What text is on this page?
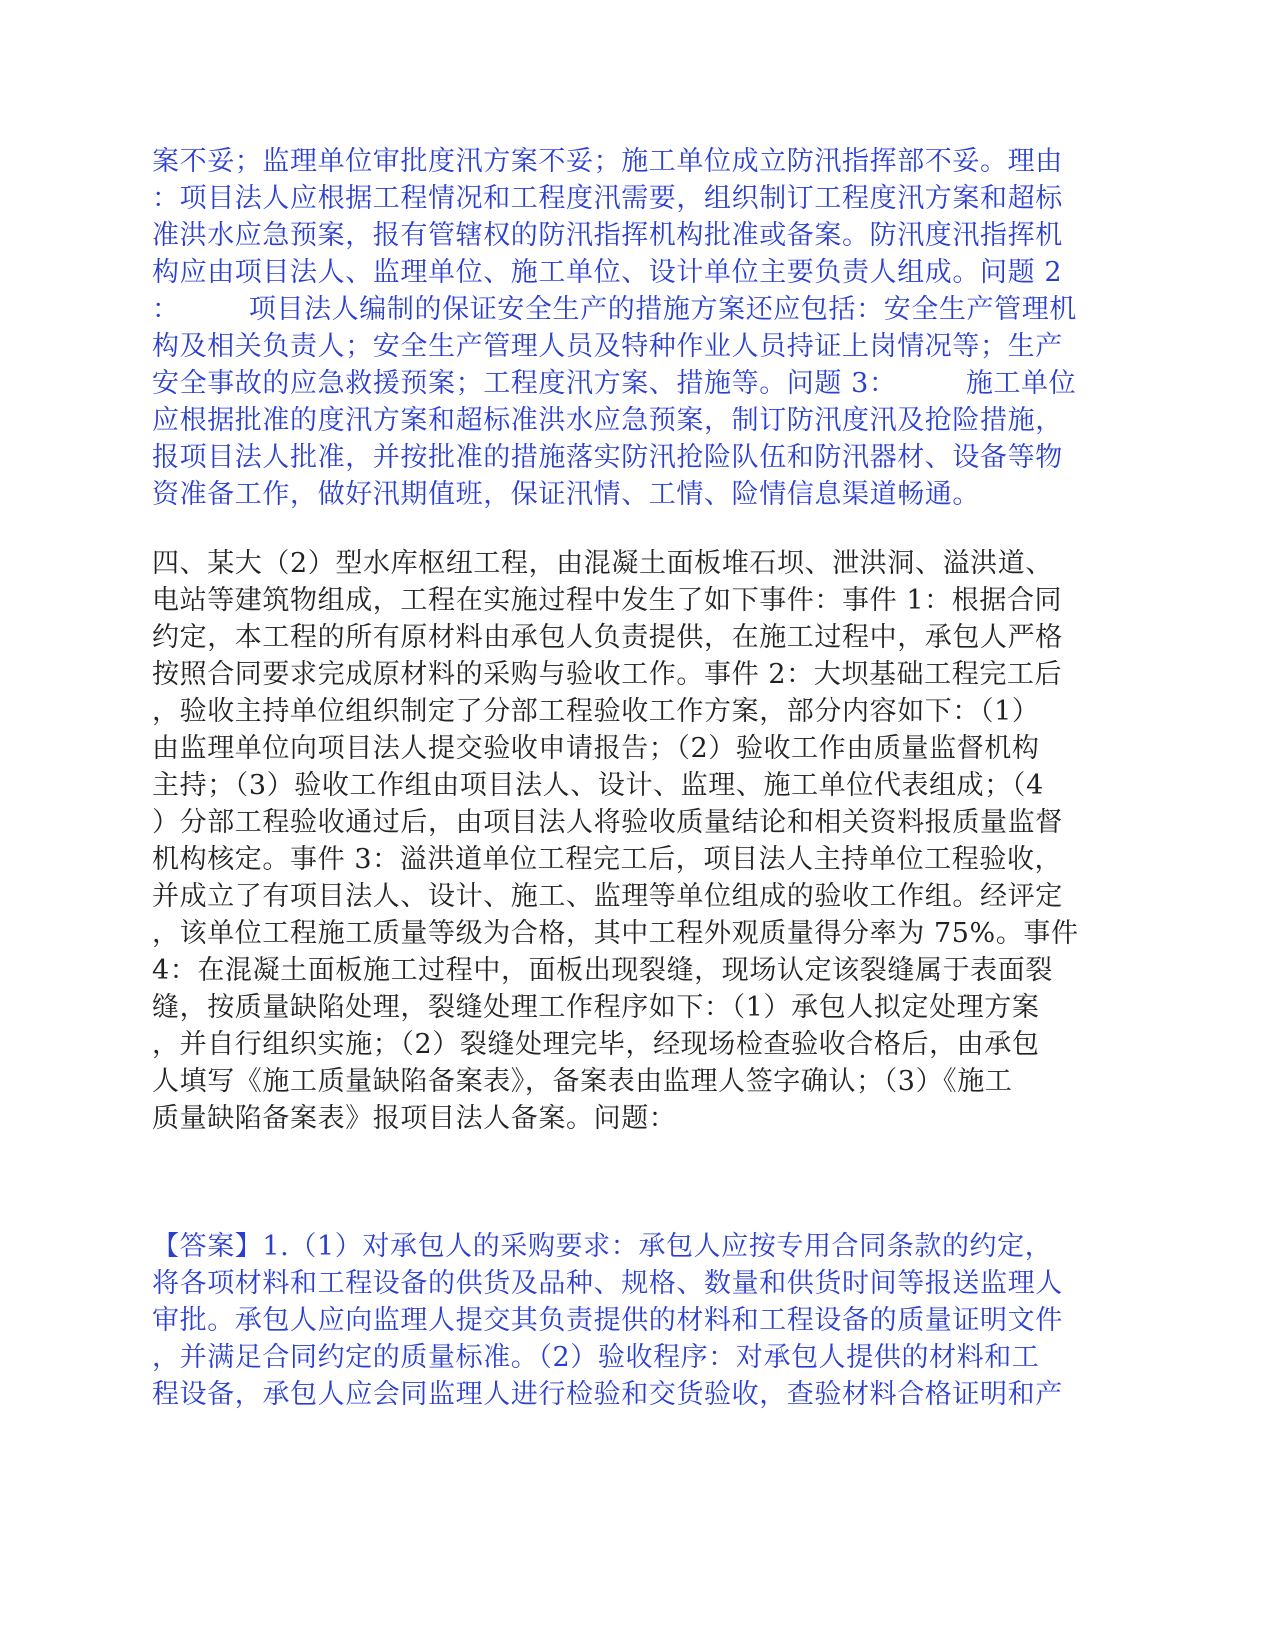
案不妥；监理单位审批度汛方案不妥；施工单位成立防汛指挥部不妥。理由
：项目法人应根据工程情况和工程度汛需要，组织制订工程度汛方案和超标
准洪水应急预案，报有管辖权的防汛指挥机构批准或备案。防汛度汛指挥机
构应由项目法人、监理单位、施工单位、设计单位主要负责人组成。问题 2
：　　　项目法人编制的保证安全生产的措施方案还应包括：安全生产管理机
构及相关负责人；安全生产管理人员及特种作业人员持证上岗情况等；生产
安全事故的应急救援预案；工程度汛方案、措施等。问题 3：　　　施工单位
应根据批准的度汛方案和超标准洪水应急预案，制订防汛度汛及抢险措施，
报项目法人批准，并按批准的措施落实防汛抢险队伍和防汛器材、设备等物
资准备工作，做好汛期值班，保证汛情、工情、险情信息渠道畅通。
四、某大（2）型水库枢纽工程，由混凝土面板堆石坝、泄洪洞、溢洪道、
电站等建筑物组成，工程在实施过程中发生了如下事件：事件 1：根据合同
约定，本工程的所有原材料由承包人负责提供，在施工过程中，承包人严格
按照合同要求完成原材料的采购与验收工作。事件 2：大坝基础工程完工后
，验收主持单位组织制定了分部工程验收工作方案，部分内容如下：（1）
由监理单位向项目法人提交验收申请报告；（2）验收工作由质量监督机构
主持；（3）验收工作组由项目法人、设计、监理、施工单位代表组成；（4
）分部工程验收通过后，由项目法人将验收质量结论和相关资料报质量监督
机构核定。事件 3：溢洪道单位工程完工后，项目法人主持单位工程验收，
并成立了有项目法人、设计、施工、监理等单位组成的验收工作组。经评定
，该单位工程施工质量等级为合格，其中工程外观质量得分率为 75%。事件
4：在混凝土面板施工过程中，面板出现裂缝，现场认定该裂缝属于表面裂
缝，按质量缺陷处理，裂缝处理工作程序如下：（1）承包人拟定处理方案
，并自行组织实施；（2）裂缝处理完毕，经现场检查验收合格后，由承包
人填写《施工质量缺陷备案表》，备案表由监理人签字确认；（3）《施工
质量缺陷备案表》报项目法人备案。问题：
【答案】1.（1）对承包人的采购要求：承包人应按专用合同条款的约定，
将各项材料和工程设备的供货及品种、规格、数量和供货时间等报送监理人
审批。承包人应向监理人提交其负责提供的材料和工程设备的质量证明文件
，并满足合同约定的质量标准。（2）验收程序：对承包人提供的材料和工
程设备，承包人应会同监理人进行检验和交货验收，查验材料合格证明和产
